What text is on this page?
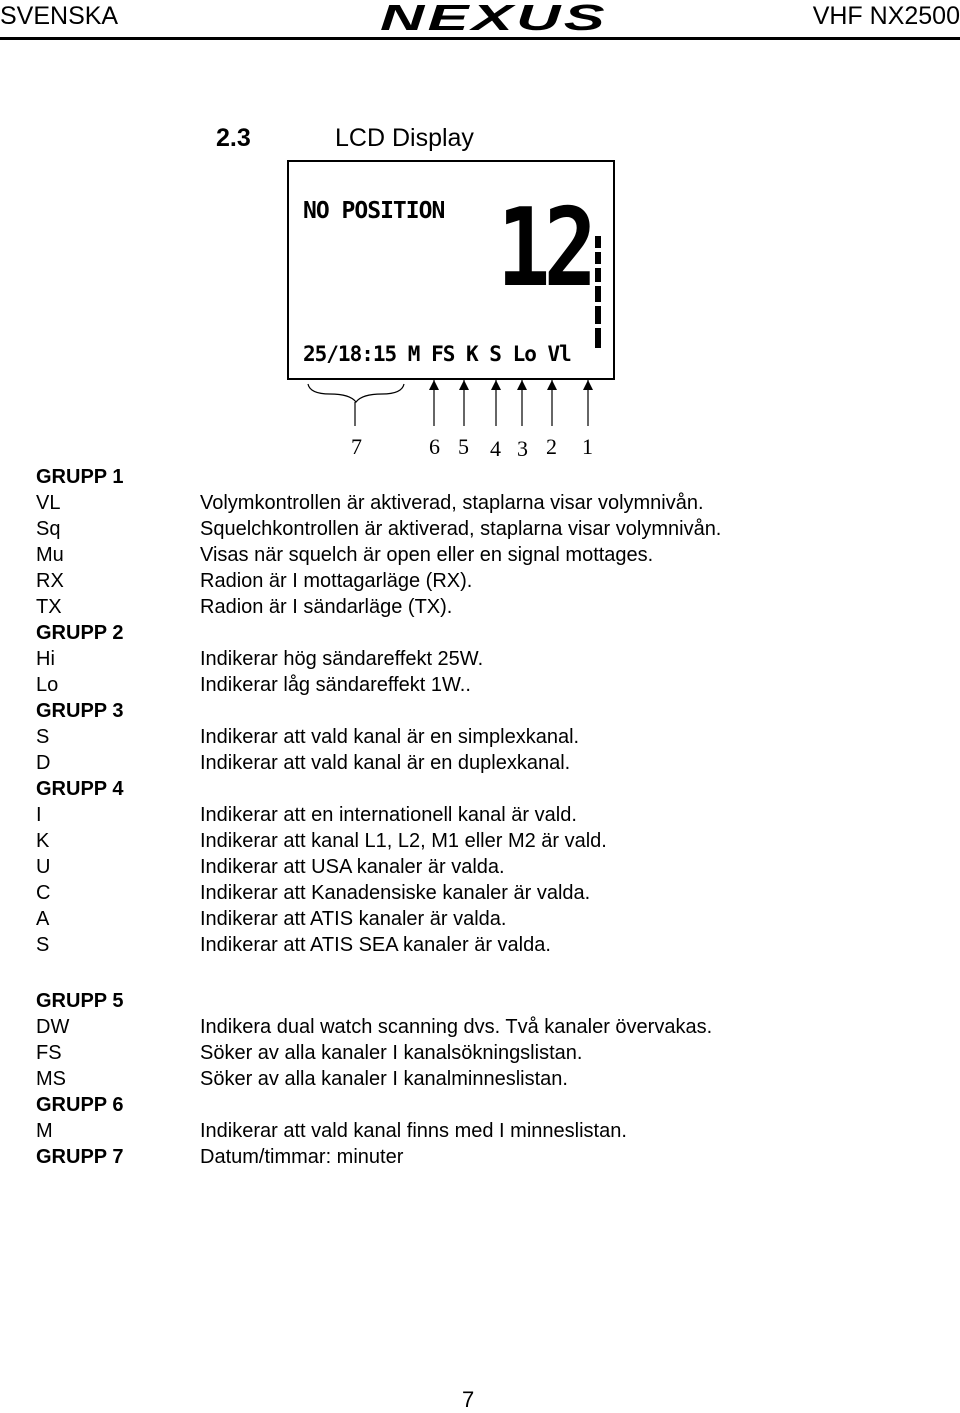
SVENSKA	NEXUS	VHF NX2500
2.3	LCD Display
NO POSITION 12
25/18:15 M FS K S Lo Vl
7	6 5 4 3 2 1
GRUPP 1
VL	Volymkontrollen är aktiverad, staplarna visar volymnivån.
Sq	Squelchkontrollen är aktiverad, staplarna visar volymnivån.
Mu	Visas när squelch är open eller en signal mottages.
RX	Radion är I mottagarläge (RX).
TX	Radion är I sändarläge (TX).
GRUPP 2
Hi	Indikerar hög sändareffekt 25W.
Lo	Indikerar låg sändareffekt 1W..
GRUPP 3
S	Indikerar att vald kanal är en simplexkanal.
D	Indikerar att vald kanal är en duplexkanal.
GRUPP 4
I	Indikerar att en internationell kanal är vald.
K	Indikerar att kanal L1, L2, M1 eller M2 är vald.
U	Indikerar att USA kanaler är valda.
C	Indikerar att Kanadensiske kanaler är valda.
A	Indikerar att ATIS kanaler är valda.
S	Indikerar att ATIS SEA kanaler är valda.
GRUPP 5
DW	Indikera dual watch scanning dvs. Två kanaler övervakas.
FS	Söker av alla kanaler I kanalsökningslistan.
MS	Söker av alla kanaler I kanalminneslistan.
GRUPP 6
M	Indikerar att vald kanal finns med I minneslistan.
GRUPP 7	Datum/timmar: minuter
7
